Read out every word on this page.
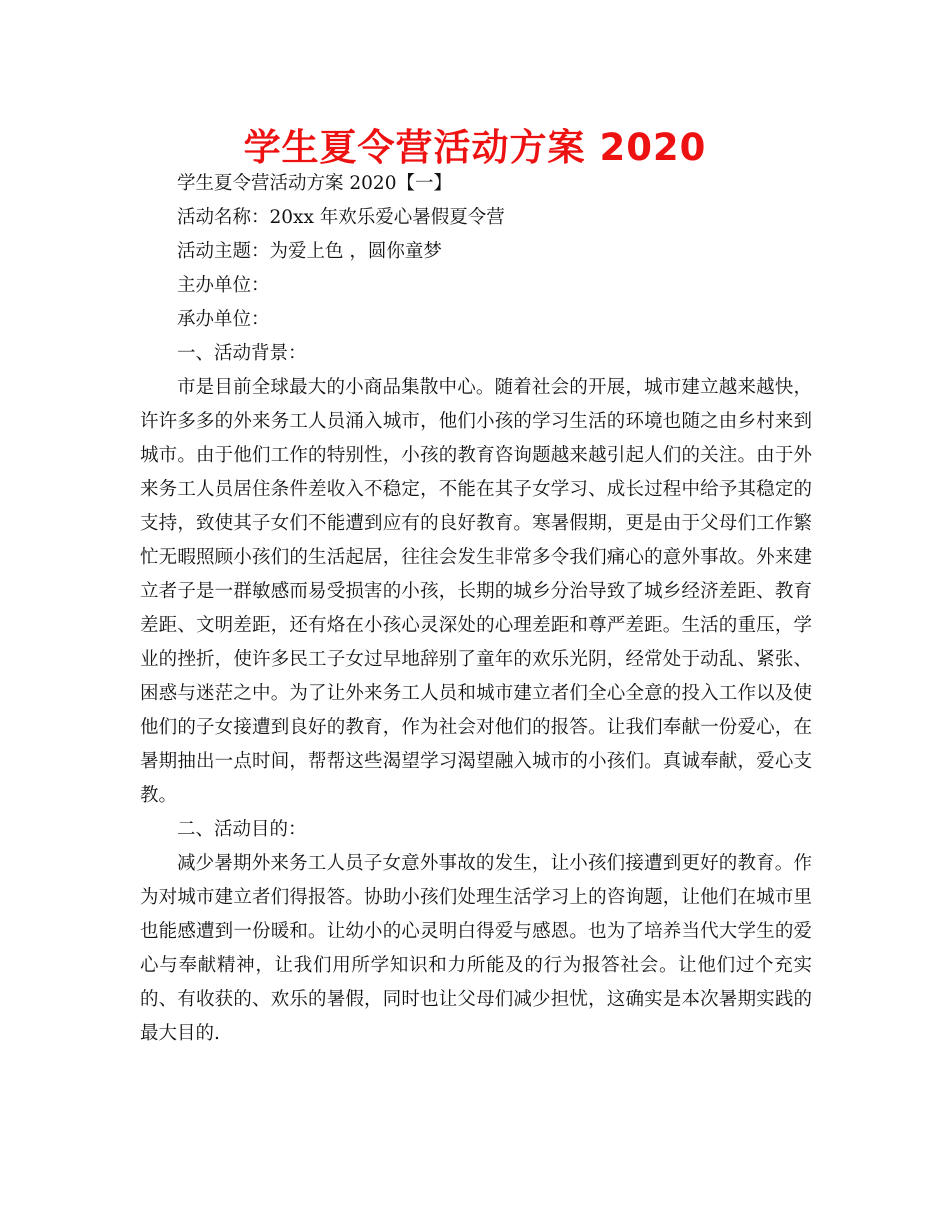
学生夏令营活动方案 2020

学生夏令营活动方案 2020【一】

活动名称：20xx 年欢乐爱心暑假夏令营

活动主题：为爱上色 ，圆你童梦

主办单位：

承办单位：

一、活动背景：

市是目前全球最大的小商品集散中心。随着社会的开展，城市建立越来越快，许许多多的外来务工人员涌入城市，他们小孩的学习生活的环境也随之由乡村来到城市。由于他们工作的特别性，小孩的教育咨询题越来越引起人们的关注。由于外来务工人员居住条件差收入不稳定，不能在其子女学习、成长过程中给予其稳定的支持，致使其子女们不能遭到应有的良好教育。寒暑假期，更是由于父母们工作繁忙无暇照顾小孩们的生活起居，往往会发生非常多令我们痛心的意外事故。外来建立者子是一群敏感而易受损害的小孩，长期的城乡分治导致了城乡经济差距、教育差距、文明差距，还有烙在小孩心灵深处的心理差距和尊严差距。生活的重压，学业的挫折，使许多民工子女过早地辞别了童年的欢乐光阴，经常处于动乱、紧张、困惑与迷茫之中。为了让外来务工人员和城市建立者们全心全意的投入工作以及使他们的子女接遭到良好的教育，作为社会对他们的报答。让我们奉献一份爱心，在暑期抽出一点时间，帮帮这些渴望学习渴望融入城市的小孩们。真诚奉献，爱心支教。

二、活动目的：

减少暑期外来务工人员子女意外事故的发生，让小孩们接遭到更好的教育。作为对城市建立者们得报答。协助小孩们处理生活学习上的咨询题，让他们在城市里也能感遭到一份暖和。让幼小的心灵明白得爱与感恩。也为了培养当代大学生的爱心与奉献精神，让我们用所学知识和力所能及的行为报答社会。让他们过个充实的、有收获的、欢乐的暑假，同时也让父母们减少担忧，这确实是本次暑期实践的最大目的.
